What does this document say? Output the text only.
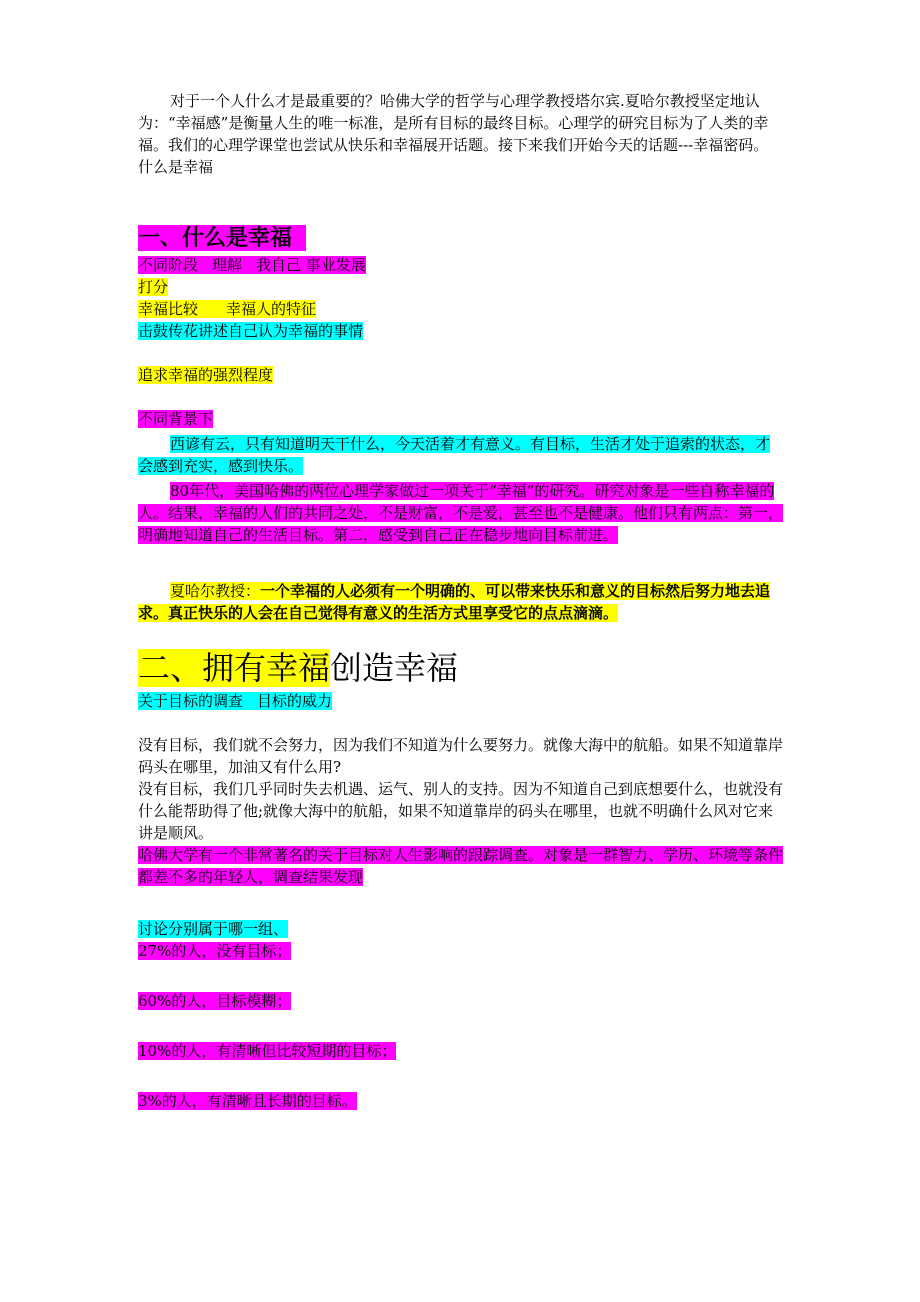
对于一个人什么才是最重要的？哈佛大学的哲学与心理学教授塔尔宾.夏哈尔教授坚定地认为：“幸福感”是衡量人生的唯一标准，是所有目标的最终目标。心理学的研究目标为了人类的幸福。我们的心理学课堂也尝试从快乐和幸福展开话题。接下来我们开始今天的话题---幸福密码。什么是幸福

一、什么是幸福

不同阶段 理解 我自己 事业发展

打分

幸福比较 幸福人的特征

击鼓传花讲述自己认为幸福的事情

追求幸福的强烈程度

不同背景下

西谚有云，只有知道明天干什么，今天活着才有意义。有目标，生活才处于追索的状态，才会感到充实，感到快乐。

80年代，美国哈佛的两位心理学家做过一项关于“幸福”的研究。研究对象是一些自称幸福的人。结果，幸福的人们的共同之处，不是财富，不是爱，甚至也不是健康。他们只有两点：第一，明确地知道自己的生活目标。第二，感受到自己正在稳步地向目标前进。

夏哈尔教授：一个幸福的人必须有一个明确的、可以带来快乐和意义的目标然后努力地去追求。真正快乐的人会在自己觉得有意义的生活方式里享受它的点点滴滴。

二、拥有幸福创造幸福

关于目标的调查 目标的威力

没有目标，我们就不会努力，因为我们不知道为什么要努力。就像大海中的航船。如果不知道靠岸码头在哪里，加油又有什么用?

没有目标，我们几乎同时失去机遇、运气、别人的支持。因为不知道自己到底想要什么，也就没有什么能帮助得了他;就像大海中的航船，如果不知道靠岸的码头在哪里，也就不明确什么风对它来讲是顺风。

哈佛大学有一个非常著名的关于目标对人生影响的跟踪调查。对象是一群智力、学历、环境等条件都差不多的年轻人，调查结果发现

讨论分别属于哪一组、

27%的人，没有目标；

60%的人，目标模糊；

10%的人，有清晰但比较短期的目标；

3%的人，有清晰且长期的目标。
